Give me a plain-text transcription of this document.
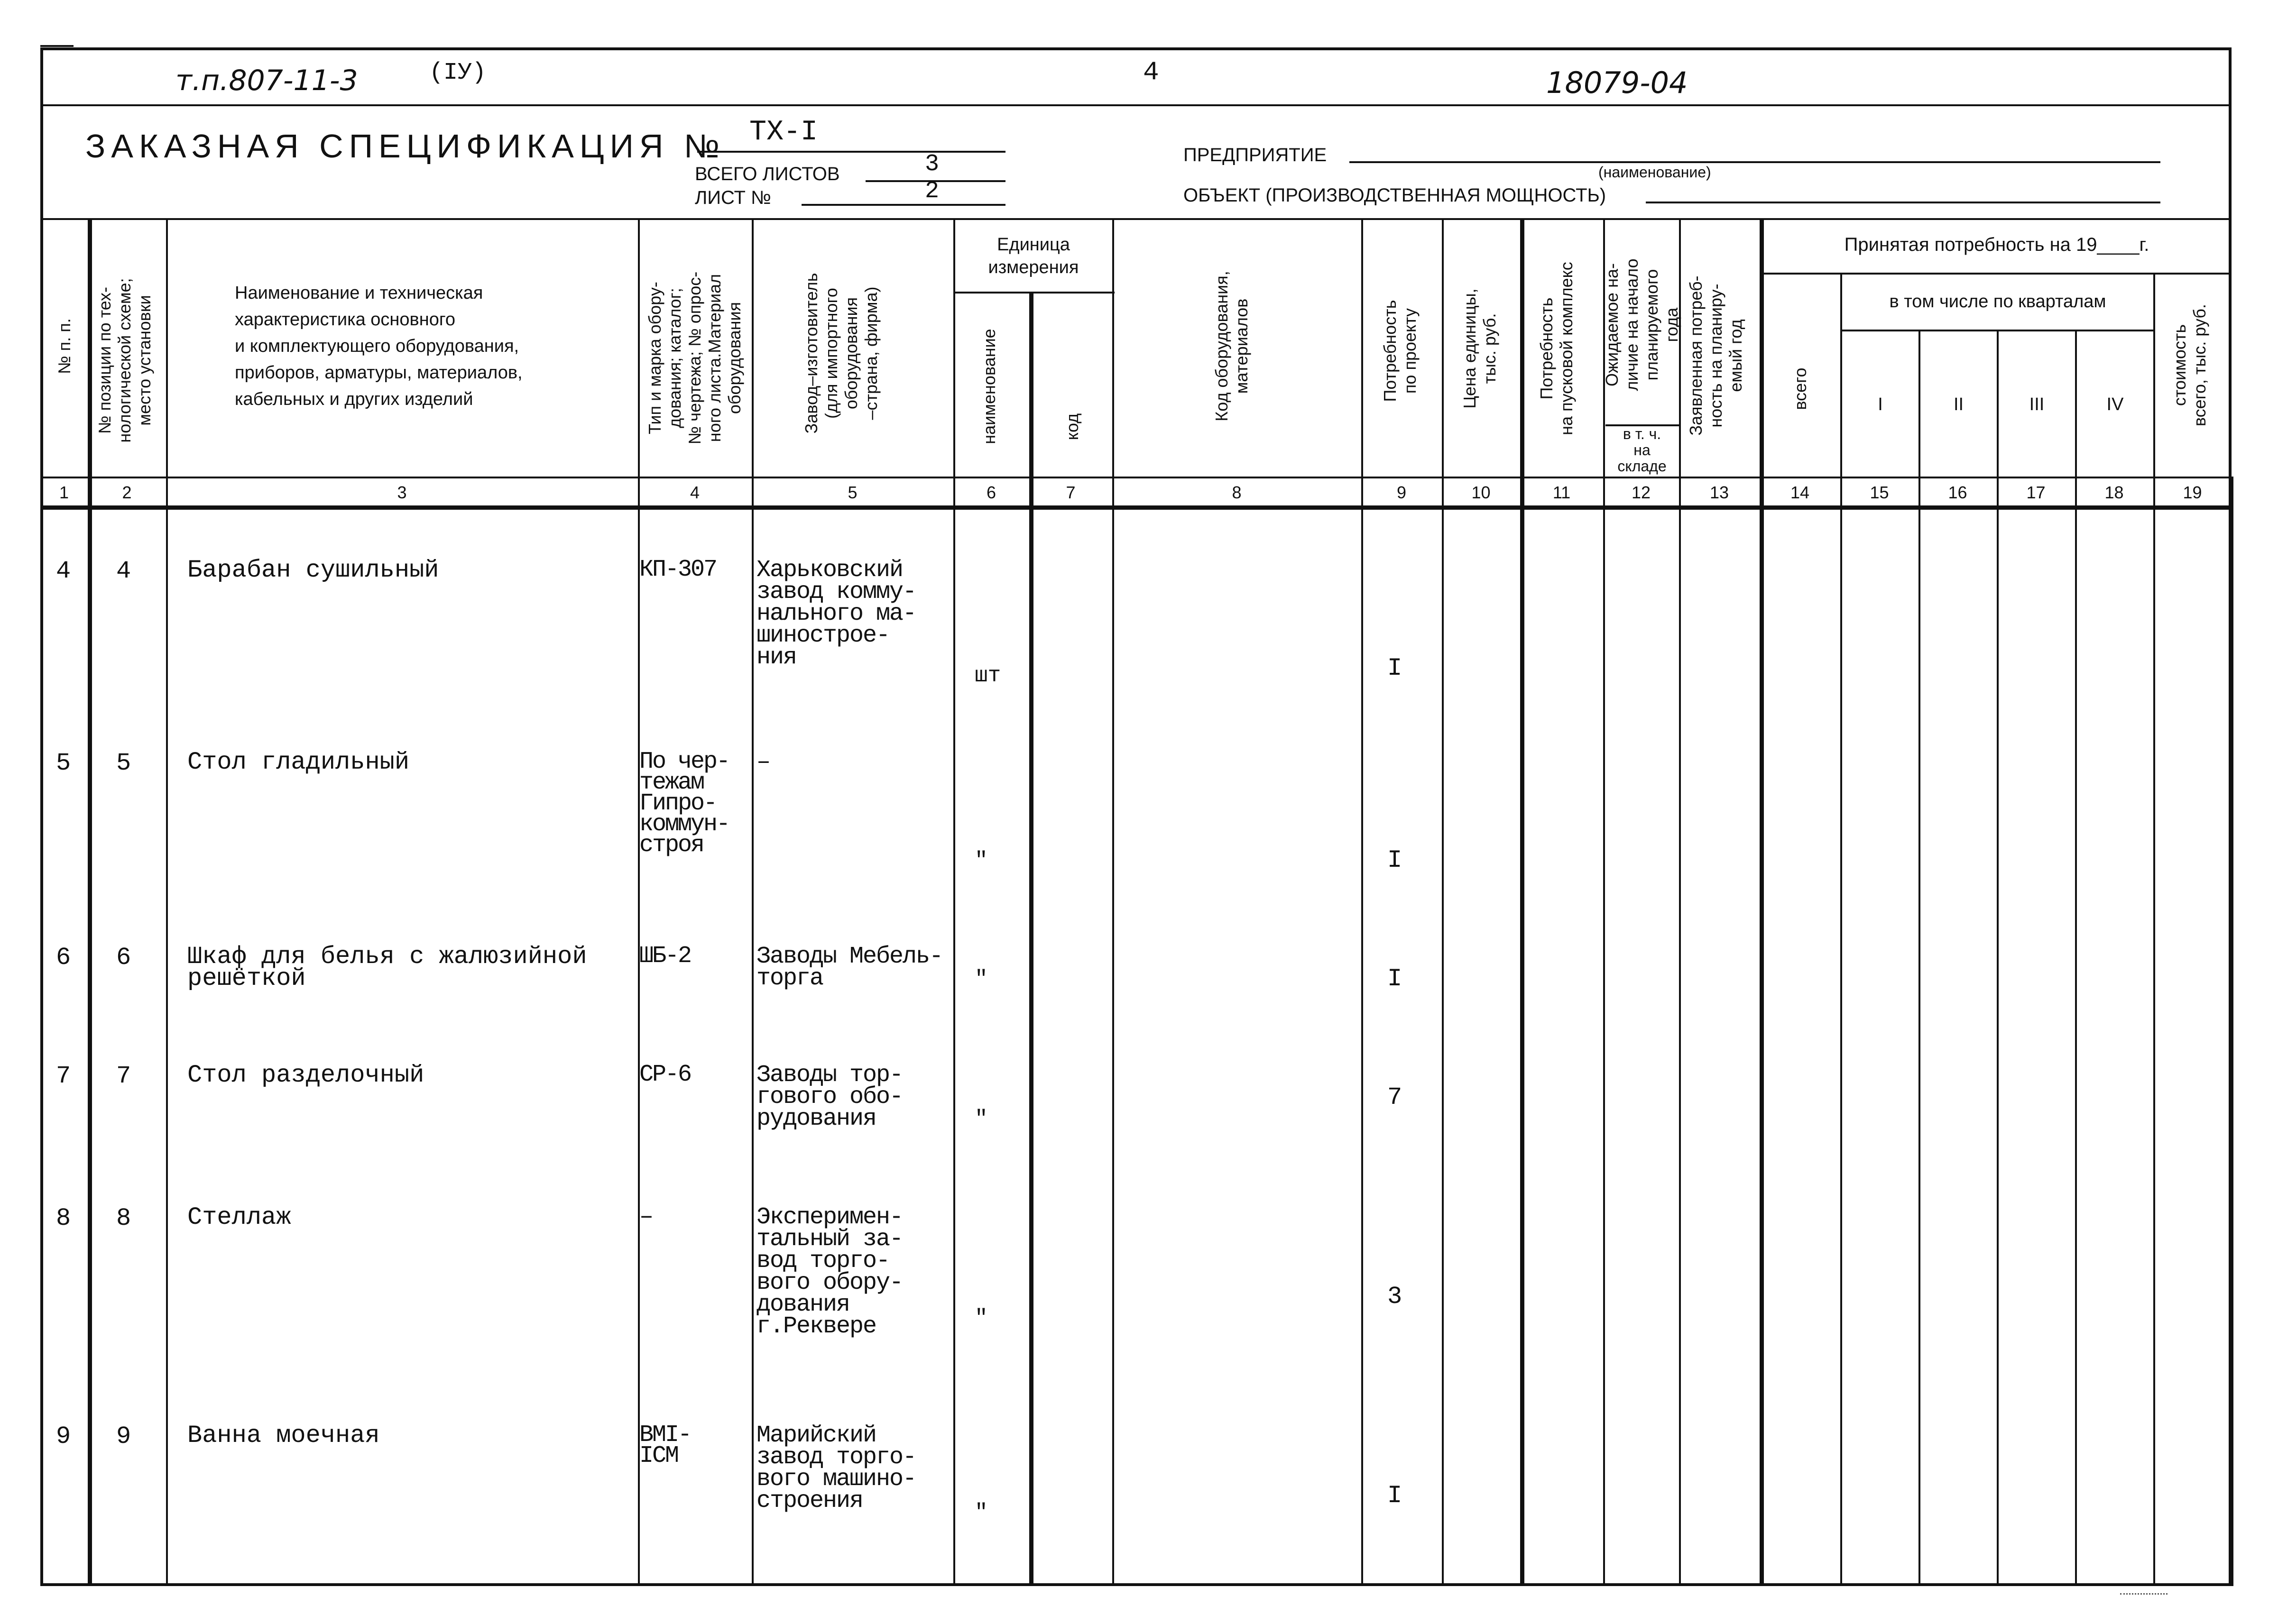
т.п.807-11-3	(IУ)	4	18079-04
ЗАКАЗНАЯ СПЕЦИФИКАЦИЯ № ТХ-I
ВСЕГО ЛИСТОВ	3
ЛИСТ №	2
ПРЕДПРИЯТИЕ
(наименование)
ОБЪЕКТ (ПРОИЗВОДСТВЕННАЯ МОЩНОСТЬ)
№ п. п.
№ позиции по тех-
нологической схеме;
место установки
Наименование и техническая
характеристика основного
и комплектующего оборудования,
приборов, арматуры, материалов,
кабельных и других изделий
Тип и марка обору-
дования; каталог;
№ чертежа; № опрос-
ного листа.Материал
оборудования	Завод–изготовитель
(для импортного
оборудования
–страна, фирма)
Единица
измерения
наименование	код
Код оборудования,
материалов	Потребность
по проекту
Цена единицы,
тыс. руб. Потребность
на пусковой комплекс Ожидаемое на-
личие на начало
планируемого
года
в т. ч.
на
складе
Заявленная потреб-
ность на планиру-
емый год
Принятая потребность на 19____г.
всего
в том числе по кварталам
I	II	III	IV	стоимость
всего, тыс. руб.
1	2	3	4	5	6	7	8	9	10	11	12	13	14	15	16	17	18	19
4 4 Барабан сушильный	КП-307 Харьковский
завод комму-
нального ма-
шинострое-
ния
шт	I
5 5 Стол гладильный	По чер-
тежам
Гипро-
коммун-
строя
–
"	I
6 6 Шкаф для белья с жалюзийной
решёткой
ШБ-2	Заводы Мебель-
торга	"	I
7 7 Стол разделочный	СР-6	Заводы тор-
гового обо-
рудования	"
7
8 8 Стеллаж	–	Эксперимен-
тальный за-
вод торго-
вого обору-
дования
г.Реквере	"
3
9 9 Ванна моечная	ВМI-
ICM
Марийский
завод торго-
вого машино-
строения	"
I
